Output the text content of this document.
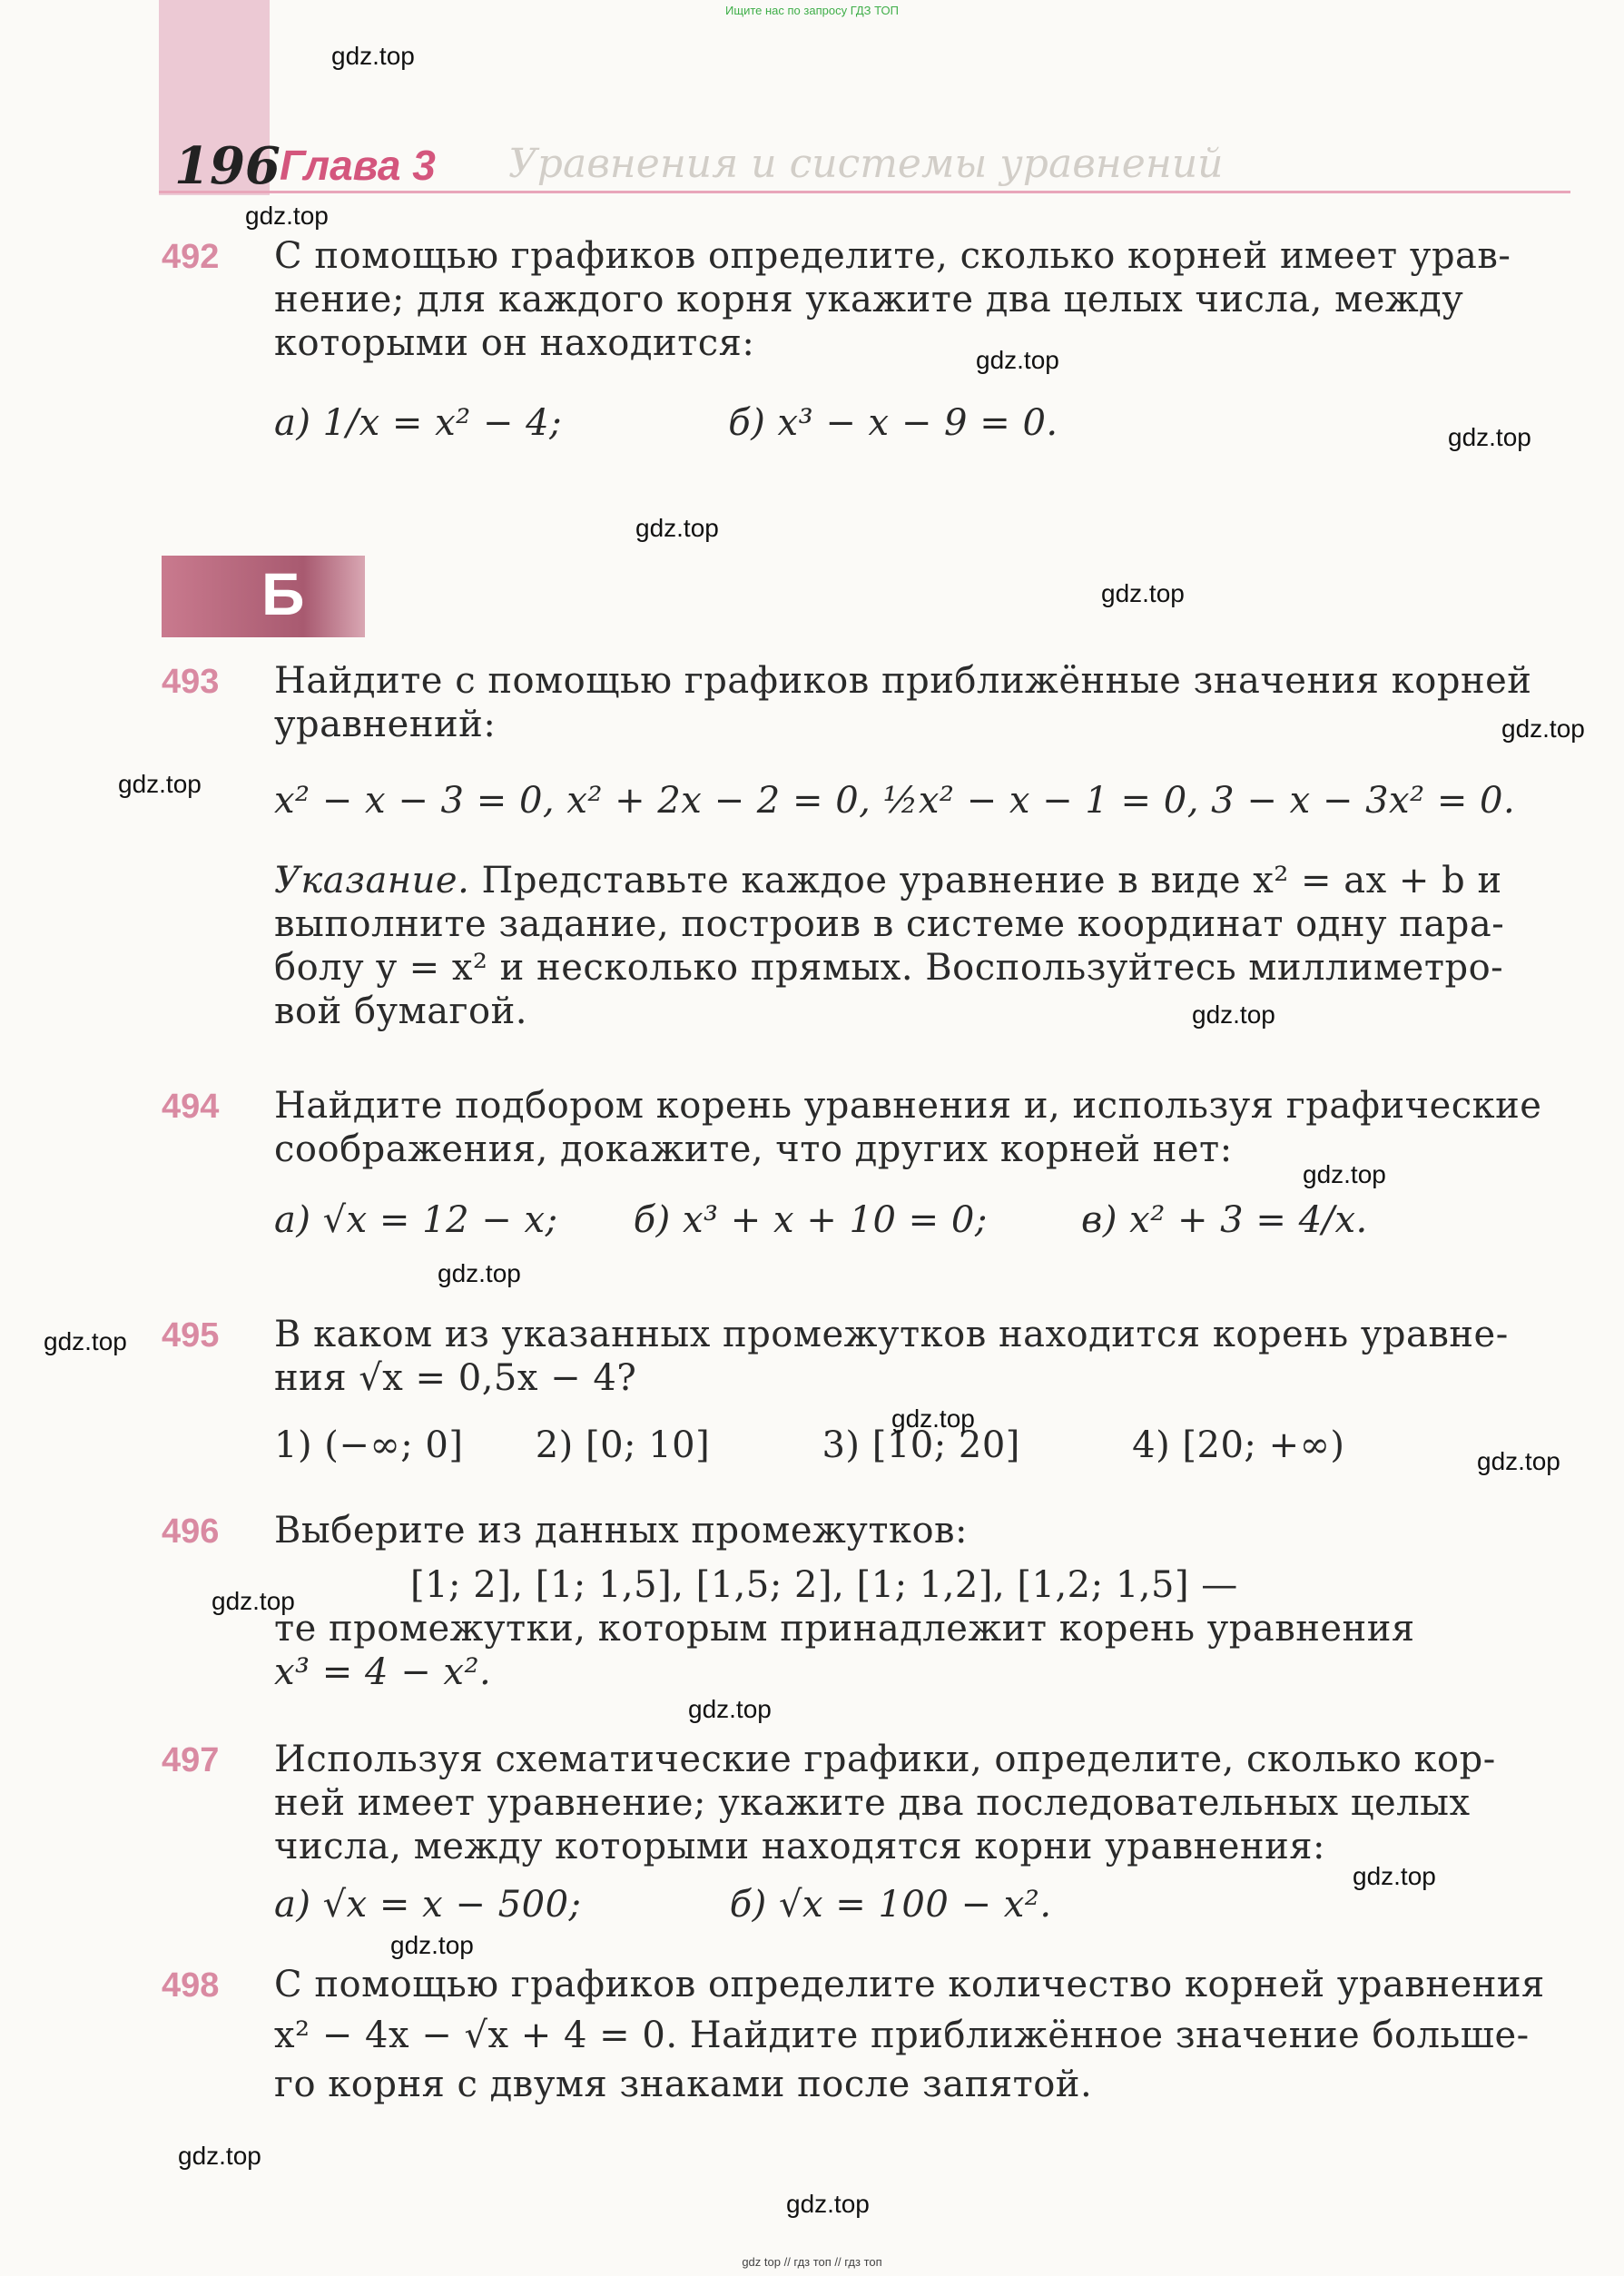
Ищите нас по запросу ГДЗ ТОП
Уравнения и системы уравнений
196 Глава 3
492 С помощью графиков определите, сколько корней имеет урав-
нение; для каждого корня укажите два целых числа, между
которыми он находится:
а) 1/x = x² − 4;	б) x³ − x − 9 = 0.
Б
493 Найдите с помощью графиков приближённые значения корней
уравнений:
x² − x − 3 = 0, x² + 2x − 2 = 0, ½x² − x − 1 = 0, 3 − x − 3x² = 0.
Указание. Представьте каждое уравнение в виде x² = ax + b и
выполните задание, построив в системе координат одну пара-
болу y = x² и несколько прямых. Воспользуйтесь миллиметро-
вой бумагой.
494 Найдите подбором корень уравнения и, используя графические
соображения, докажите, что других корней нет:
а) √x = 12 − x; б) x³ + x + 10 = 0;	в) x² + 3 = 4/x.
495 В каком из указанных промежутков находится корень уравне-
ния √x = 0,5x − 4?
1) (−∞; 0] 2) [0; 10]	3) [10; 20]	4) [20; +∞)
496 Выберите из данных промежутков:
[1; 2], [1; 1,5], [1,5; 2], [1; 1,2], [1,2; 1,5] —
те промежутки, которым принадлежит корень уравнения
x³ = 4 − x².
497 Используя схематические графики, определите, сколько кор-
ней имеет уравнение; укажите два последовательных целых
числа, между которыми находятся корни уравнения:
а) √x = x − 500;	б) √x = 100 − x².
498 С помощью графиков определите количество корней уравнения
x² − 4x − √x + 4 = 0. Найдите приближённое значение больше-
го корня с двумя знаками после запятой.
gdz.top
gdz.top
gdz.top
gdz.top
gdz.top
gdz.top
gdz.top
gdz.top
gdz.top
gdz.top
gdz.top
gdz.top
gdz.top
gdz.top
gdz.top
gdz.top
gdz.top
gdz.top
gdz.top
gdz.top
gdz top // гдз топ // гдз топ
